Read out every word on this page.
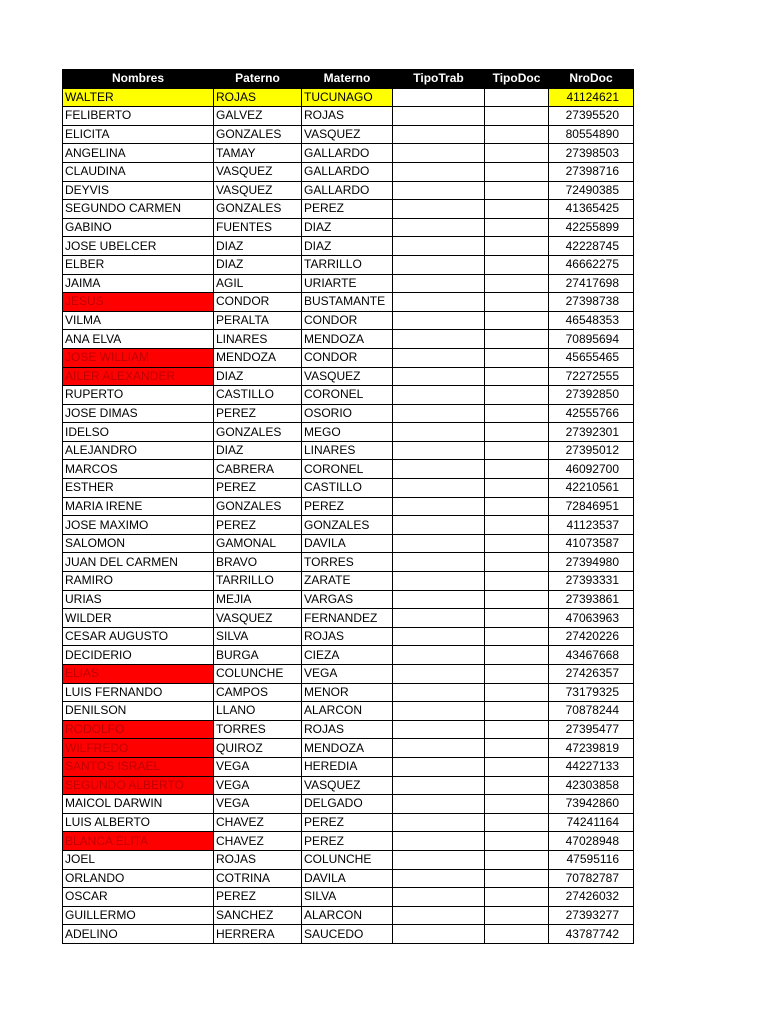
Nombres	Paterno	Materno	TipoTrab	TipoDoc	NroDoc
WALTER	ROJAS	TUCUNAGO			41124621
FELIBERTO	GALVEZ	ROJAS			27395520
ELICITA	GONZALES	VASQUEZ			80554890
ANGELINA	TAMAY	GALLARDO			27398503
CLAUDINA	VASQUEZ	GALLARDO			27398716
DEYVIS	VASQUEZ	GALLARDO			72490385
SEGUNDO CARMEN	GONZALES	PEREZ			41365425
GABINO	FUENTES	DIAZ			42255899
JOSE UBELCER	DIAZ	DIAZ			42228745
ELBER	DIAZ	TARRILLO			46662275
JAIMA	AGIL	URIARTE			27417698
JESUS	CONDOR	BUSTAMANTE			27398738
VILMA	PERALTA	CONDOR			46548353
ANA ELVA	LINARES	MENDOZA			70895694
JOSE WILLIAM	MENDOZA	CONDOR			45655465
AILER ALEXANDER	DIAZ	VASQUEZ			72272555
RUPERTO	CASTILLO	CORONEL			27392850
JOSE DIMAS	PEREZ	OSORIO			42555766
IDELSO	GONZALES	MEGO			27392301
ALEJANDRO	DIAZ	LINARES			27395012
MARCOS	CABRERA	CORONEL			46092700
ESTHER	PEREZ	CASTILLO			42210561
MARIA IRENE	GONZALES	PEREZ			72846951
JOSE MAXIMO	PEREZ	GONZALES			41123537
SALOMON	GAMONAL	DAVILA			41073587
JUAN DEL CARMEN	BRAVO	TORRES			27394980
RAMIRO	TARRILLO	ZARATE			27393331
URIAS	MEJIA	VARGAS			27393861
WILDER	VASQUEZ	FERNANDEZ			47063963
CESAR AUGUSTO	SILVA	ROJAS			27420226
DECIDERIO	BURGA	CIEZA			43467668
ELIAS	COLUNCHE	VEGA			27426357
LUIS FERNANDO	CAMPOS	MENOR			73179325
DENILSON	LLANO	ALARCON			70878244
RODOLFO	TORRES	ROJAS			27395477
WILFREDO	QUIROZ	MENDOZA			47239819
SANTOS ISRAEL	VEGA	HEREDIA			44227133
SEGUNDO ALBERTO	VEGA	VASQUEZ			42303858
MAICOL DARWIN	VEGA	DELGADO			73942860
LUIS ALBERTO	CHAVEZ	PEREZ			74241164
BLANCA ELITA	CHAVEZ	PEREZ			47028948
JOEL	ROJAS	COLUNCHE			47595116
ORLANDO	COTRINA	DAVILA			70782787
OSCAR	PEREZ	SILVA			27426032
GUILLERMO	SANCHEZ	ALARCON			27393277
ADELINO	HERRERA	SAUCEDO			43787742
